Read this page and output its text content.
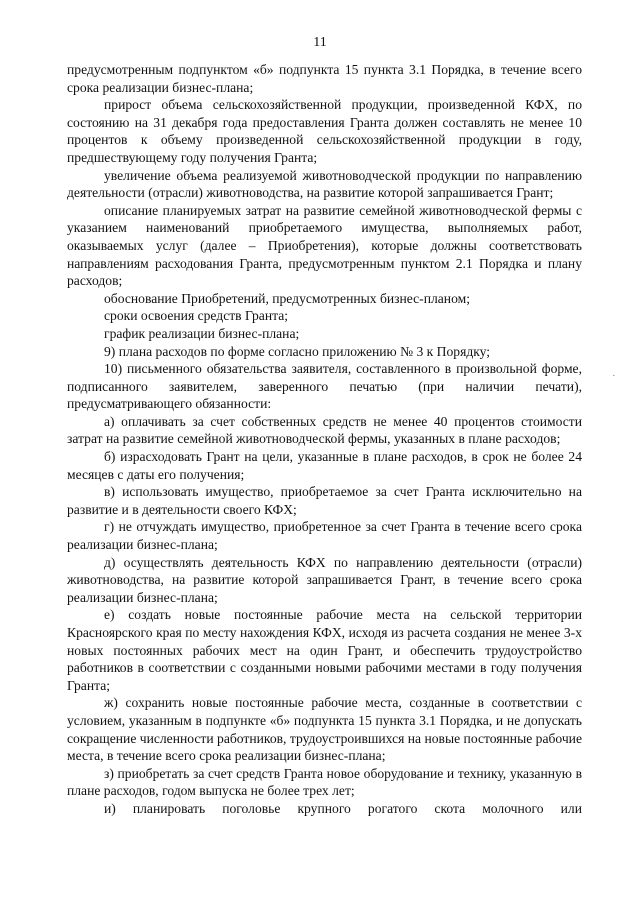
11

предусмотренным подпунктом «б» подпункта 15 пункта 3.1 Порядка, в течение всего срока реализации бизнес-плана;

прирост объема сельскохозяйственной продукции, произведенной КФХ, по состоянию на 31 декабря года предоставления Гранта должен составлять не менее 10 процентов к объему произведенной сельскохозяйственной продукции в году, предшествующему году получения Гранта;

увеличение объема реализуемой животноводческой продукции по направлению деятельности (отрасли) животноводства, на развитие которой запрашивается Грант;

описание планируемых затрат на развитие семейной животноводческой фермы с указанием наименований приобретаемого имущества, выполняемых работ, оказываемых услуг (далее – Приобретения), которые должны соответствовать направлениям расходования Гранта, предусмотренным пунктом 2.1 Порядка и плану расходов;

обоснование Приобретений, предусмотренных бизнес-планом;

сроки освоения средств Гранта;

график реализации бизнес-плана;

9) плана расходов по форме согласно приложению № 3 к Порядку;

10) письменного обязательства заявителя, составленного в произвольной форме, подписанного заявителем, заверенного печатью (при наличии печати), предусматривающего обязанности:

а) оплачивать за счет собственных средств не менее 40 процентов стоимости затрат на развитие семейной животноводческой фермы, указанных в плане расходов;

б) израсходовать Грант на цели, указанные в плане расходов, в срок не более 24 месяцев с даты его получения;

в) использовать имущество, приобретаемое за счет Гранта исключительно на развитие и в деятельности своего КФХ;

г) не отчуждать имущество, приобретенное за счет Гранта в течение всего срока реализации бизнес-плана;

д) осуществлять деятельность КФХ по направлению деятельности (отрасли) животноводства, на развитие которой запрашивается Грант, в течение всего срока реализации бизнес-плана;

е) создать новые постоянные рабочие места на сельской территории Красноярского края по месту нахождения КФХ, исходя из расчета создания не менее 3-х новых постоянных рабочих мест на один Грант, и обеспечить трудоустройство работников в соответствии с созданными новыми рабочими местами в году получения Гранта;

ж) сохранить новые постоянные рабочие места, созданные в соответствии с условием, указанным в подпункте «б» подпункта 15 пункта 3.1 Порядка, и не допускать сокращение численности работников, трудоустроившихся на новые постоянные рабочие места, в течение всего срока реализации бизнес-плана;

з) приобретать за счет средств Гранта новое оборудование и технику, указанную в плане расходов, годом выпуска не более трех лет;

и) планировать поголовье крупного рогатого скота молочного или

·
